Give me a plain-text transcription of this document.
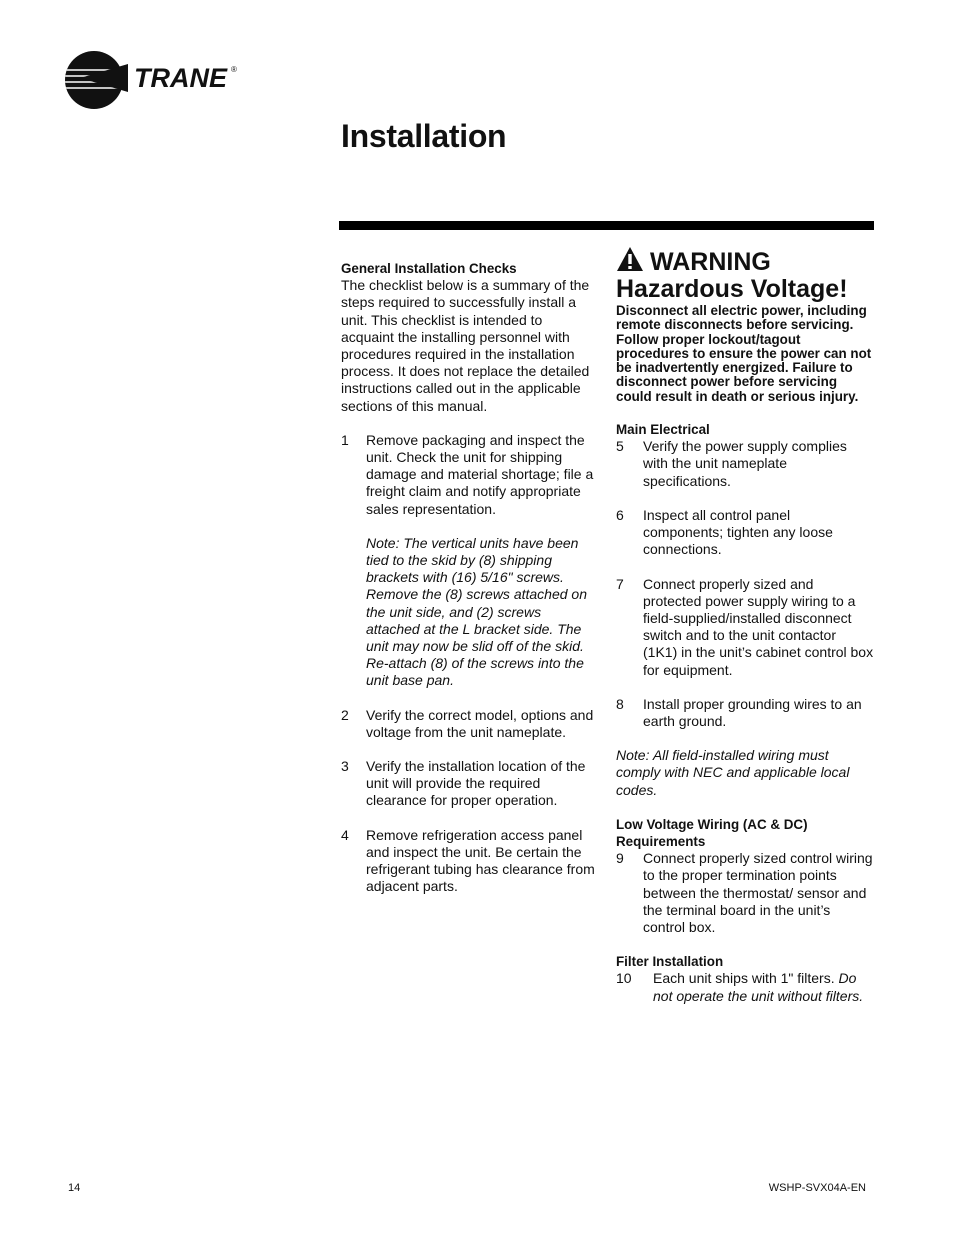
TRANE ®
Installation
General Installation Checks

The checklist below is a summary of the steps required to successfully install a unit. This checklist is intended to acquaint the installing personnel with procedures required in the installation process. It does not replace the detailed instructions called out in the applicable sections of this manual.

1 Remove packaging and inspect the unit. Check the unit for shipping damage and material shortage; file a freight claim and notify appropriate sales representation.
Note: The vertical units have been tied to the skid by (8) shipping brackets with (16) 5/16" screws. Remove the (8) screws attached on the unit side, and (2) screws attached at the L bracket side. The unit may now be slid off of the skid. Re-attach (8) of the screws into the unit base pan.
2 Verify the correct model, options and voltage from the unit nameplate.
3 Verify the installation location of the unit will provide the required clearance for proper operation.
4 Remove refrigeration access panel and inspect the unit. Be certain the refrigerant tubing has clearance from adjacent parts.
WARNING
Hazardous Voltage!
Disconnect all electric power, including remote disconnects before servicing. Follow proper lockout/tagout procedures to ensure the power can not be inadvertently energized. Failure to disconnect power before servicing could result in death or serious injury.
Main Electrical
5 Verify the power supply complies with the unit nameplate specifications.
6 Inspect all control panel components; tighten any loose connections.
7 Connect properly sized and protected power supply wiring to a field-supplied/installed disconnect switch and to the unit contactor (1K1) in the unit’s cabinet control box for equipment.
8 Install proper grounding wires to an earth ground.
Note: All field-installed wiring must comply with NEC and applicable local codes.
Low Voltage Wiring (AC & DC) Requirements
9 Connect properly sized control wiring to the proper termination points between the thermostat/ sensor and the terminal board in the unit’s control box.
Filter Installation
10 Each unit ships with 1" filters. Do not operate the unit without filters.
14	WSHP-SVX04A-EN
